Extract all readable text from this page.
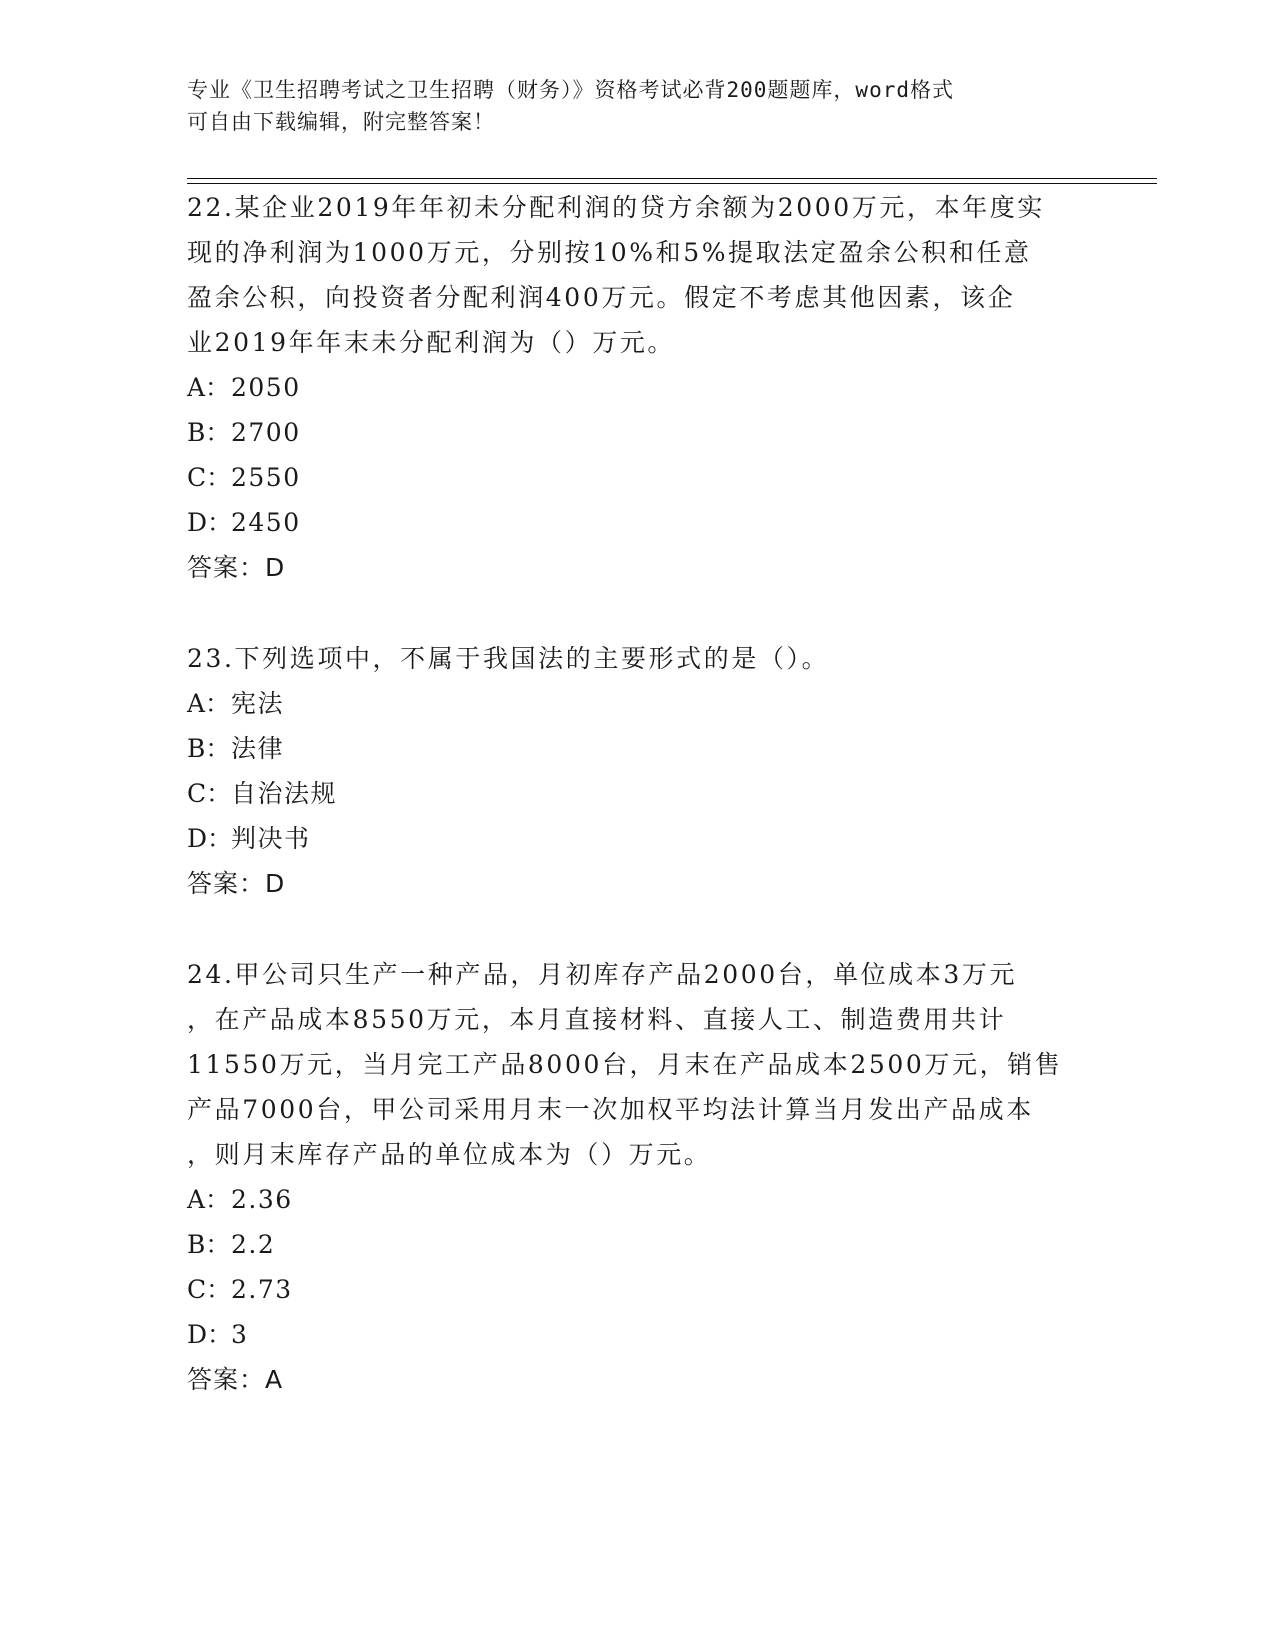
专业《卫生招聘考试之卫生招聘（财务）》资格考试必背200题题库，word格式
可自由下载编辑，附完整答案！
22.某企业2019年年初未分配利润的贷方余额为2000万元，本年度实
现的净利润为1000万元，分别按10%和5%提取法定盈余公积和任意
盈余公积，向投资者分配利润400万元。假定不考虑其他因素，该企
业2019年年末未分配利润为（）万元。
A：2050
B：2700
C：2550
D：2450
答案：D
23.下列选项中，不属于我国法的主要形式的是（）。
A：宪法
B：法律
C：自治法规
D：判决书
答案：D
24.甲公司只生产一种产品，月初库存产品2000台，单位成本3万元
，在产品成本8550万元，本月直接材料、直接人工、制造费用共计
11550万元，当月完工产品8000台，月末在产品成本2500万元，销售
产品7000台，甲公司采用月末一次加权平均法计算当月发出产品成本
，则月末库存产品的单位成本为（）万元。
A：2.36
B：2.2
C：2.73
D：3
答案：A
